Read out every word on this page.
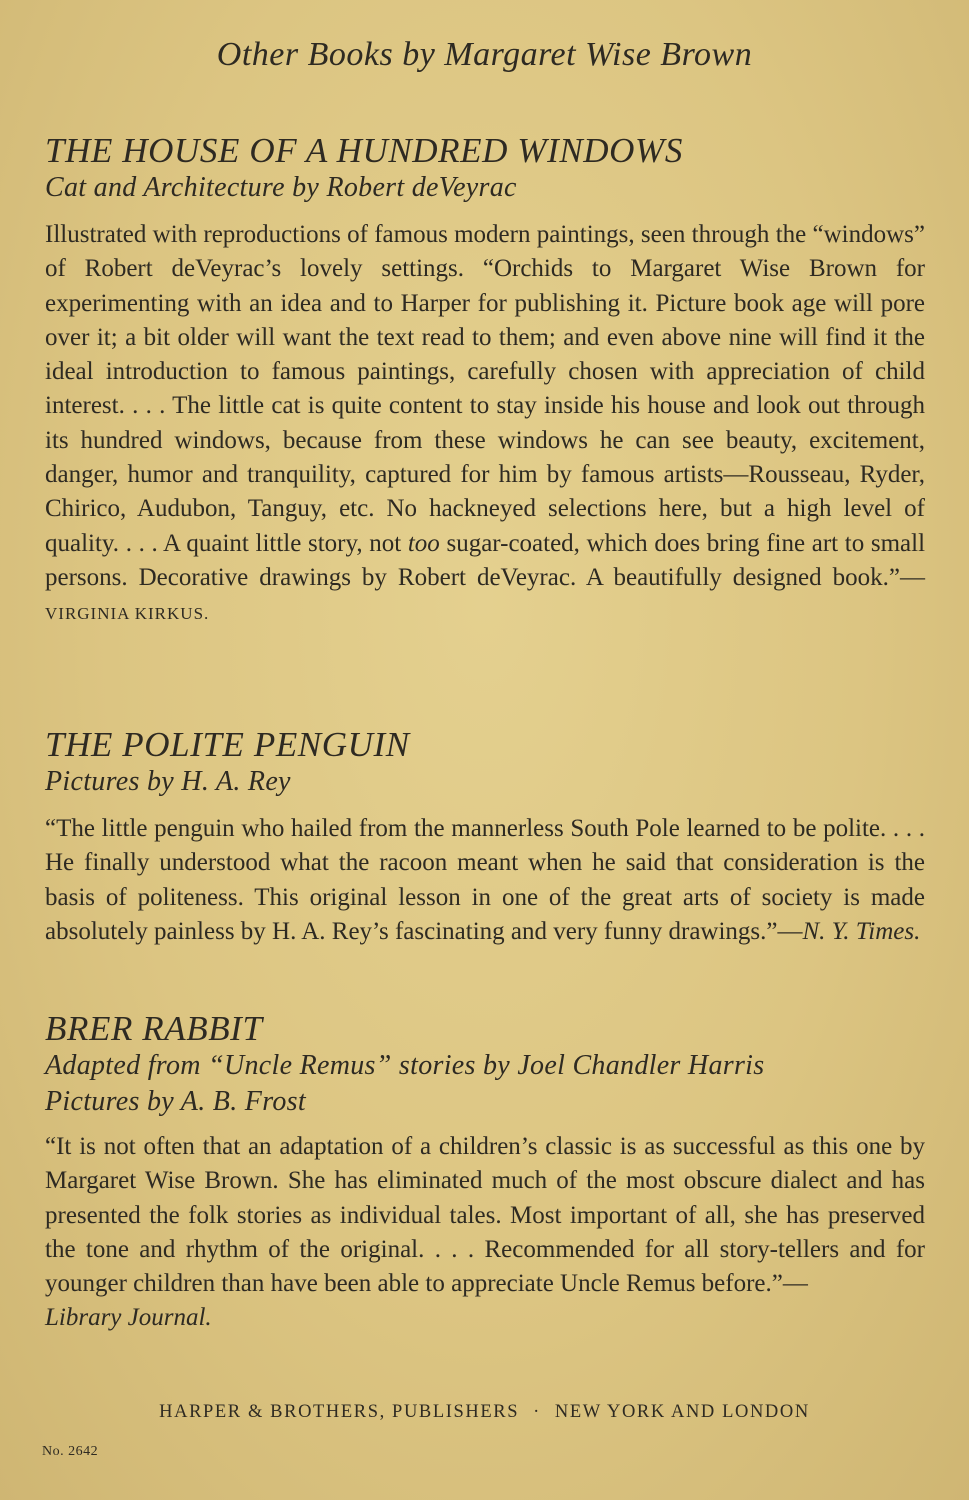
Other Books by Margaret Wise Brown
THE HOUSE OF A HUNDRED WINDOWS
Cat and Architecture by Robert deVeyrac
Illustrated with reproductions of famous modern paintings, seen through the “windows” of Robert deVeyrac’s lovely settings. “Orchids to Margaret Wise Brown for experimenting with an idea and to Harper for publishing it. Picture book age will pore over it; a bit older will want the text read to them; and even above nine will find it the ideal introduction to famous paintings, carefully chosen with appreciation of child interest. . . . The little cat is quite content to stay inside his house and look out through its hundred windows, because from these windows he can see beauty, excitement, danger, humor and tranquility, captured for him by famous artists—Rousseau, Ryder, Chirico, Audubon, Tanguy, etc. No hackneyed selections here, but a high level of quality. . . . A quaint little story, not too sugar-coated, which does bring fine art to small persons. Decorative drawings by Robert deVeyrac. A beautifully designed book.”—VIRGINIA KIRKUS.
THE POLITE PENGUIN
Pictures by H. A. Rey
“The little penguin who hailed from the mannerless South Pole learned to be polite. . . . He finally understood what the racoon meant when he said that consideration is the basis of politeness. This original lesson in one of the great arts of society is made absolutely painless by H. A. Rey’s fascinating and very funny drawings.”—N. Y. Times.
BRER RABBIT
Adapted from “Uncle Remus” stories by Joel Chandler Harris
Pictures by A. B. Frost
“It is not often that an adaptation of a children’s classic is as successful as this one by Margaret Wise Brown. She has eliminated much of the most obscure dialect and has presented the folk stories as individual tales. Most important of all, she has preserved the tone and rhythm of the original. . . . Recommended for all story-tellers and for younger children than have been able to appreciate Uncle Remus before.”—
Library Journal.
HARPER & BROTHERS, PUBLISHERS · NEW YORK AND LONDON
No. 2642
